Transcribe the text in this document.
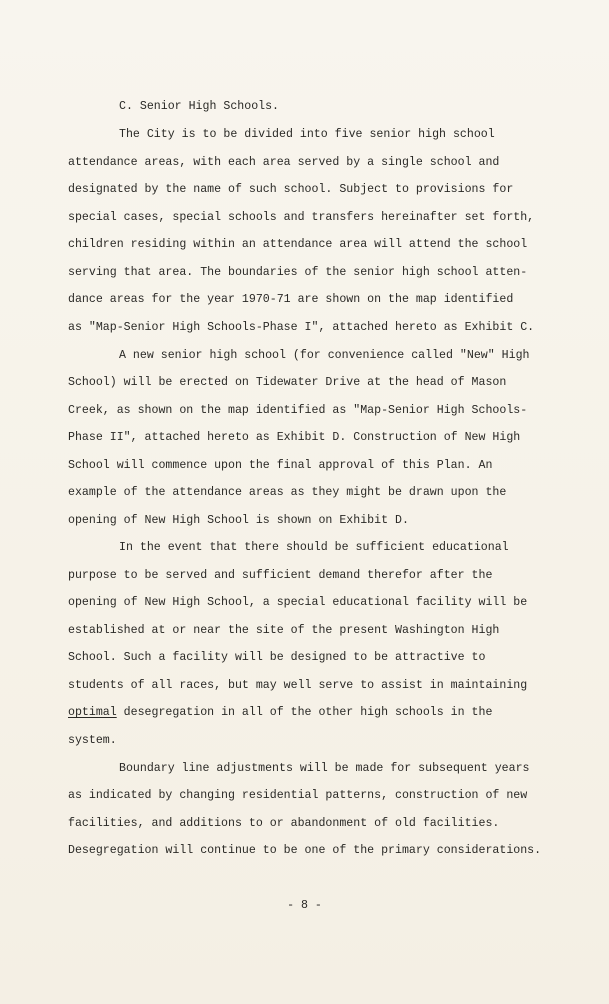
C. Senior High Schools.
The City is to be divided into five senior high school
attendance areas, with each area served by a single school and
designated by the name of such school. Subject to provisions for
special cases, special schools and transfers hereinafter set forth,
children residing within an attendance area will attend the school
serving that area. The boundaries of the senior high school atten-
dance areas for the year 1970-71 are shown on the map identified
as "Map-Senior High Schools-Phase I", attached hereto as Exhibit C.
A new senior high school (for convenience called "New" High
School) will be erected on Tidewater Drive at the head of Mason
Creek, as shown on the map identified as "Map-Senior High Schools-
Phase II", attached hereto as Exhibit D. Construction of New High
School will commence upon the final approval of this Plan. An
example of the attendance areas as they might be drawn upon the
opening of New High School is shown on Exhibit D.
In the event that there should be sufficient educational
purpose to be served and sufficient demand therefor after the
opening of New High School, a special educational facility will be
established at or near the site of the present Washington High
School. Such a facility will be designed to be attractive to
students of all races, but may well serve to assist in maintaining
optimal desegregation in all of the other high schools in the
system.
Boundary line adjustments will be made for subsequent years
as indicated by changing residential patterns, construction of new
facilities, and additions to or abandonment of old facilities.
Desegregation will continue to be one of the primary considerations.
- 8 -
